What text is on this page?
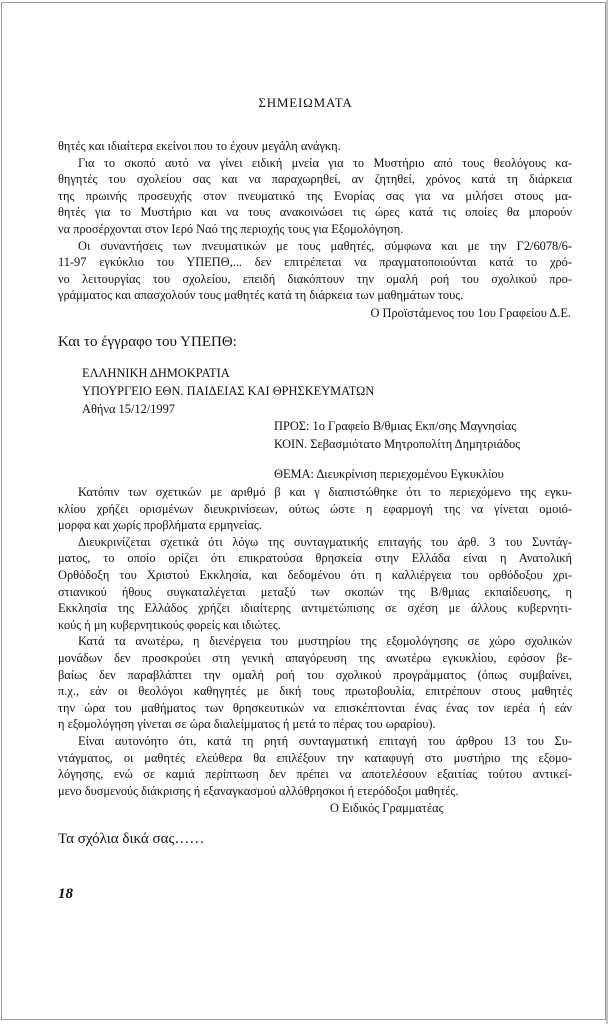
ΣΗΜΕΙΩΜΑΤΑ
θητές και ιδιαίτερα εκείνοι που το έχουν μεγάλη ανάγκη.
Για το σκοπό αυτό να γίνει ειδική μνεία για το Μυστήριο από τους θεολόγους κα-
θηγητές του σχολείου σας και να παραχωρηθεί, αν ζητηθεί, χρόνος κατά τη διάρκεια
της πρωινής προσευχής στον πνευματικό της Ενορίας σας για να μιλήσει στους μα-
θητές για το Μυστήριο και να τους ανακοινώσει τις ώρες κατά τις οποίες θα μπορούν
να προσέρχονται στον Ιερό Ναό της περιοχής τους για Εξομολόγηση.
Οι συναντήσεις των πνευματικών με τους μαθητές, σύμφωνα και με την Γ2/6078/6-
11-97 εγκύκλιο του ΥΠΕΠΘ,... δεν επιτρέπεται να πραγματοποιούνται κατά το χρό-
νο λειτουργίας του σχολείου, επειδή διακόπτουν την ομαλή ροή του σχολικού προ-
γράμματος και απασχολούν τους μαθητές κατά τη διάρκεια των μαθημάτων τους.
Ο Προϊστάμενος του 1ου Γραφείου Δ.Ε.
Και το έγγραφο του ΥΠΕΠΘ:
ΕΛΛΗΝΙΚΗ ΔΗΜΟΚΡΑΤΙΑ
ΥΠΟΥΡΓΕΙΟ ΕΘΝ. ΠΑΙΔΕΙΑΣ ΚΑΙ ΘΡΗΣΚΕΥΜΑΤΩΝ
Αθήνα 15/12/1997
ΠΡΟΣ: 1ο Γραφείο Β/θμιας Εκπ/σης Μαγνησίας
ΚΟΙΝ. Σεβασμιότατο Μητροπολίτη Δημητριάδος
ΘΕΜΑ: Διευκρίνιση περιεχομένου Εγκυκλίου
Κατόπιν των σχετικών με αριθμό β και γ διαπιστώθηκε ότι το περιεχόμενο της εγκυ-
κλίου χρήζει ορισμένων διευκρινίσεων, ούτως ώστε η εφαρμογή της να γίνεται ομοιό-
μορφα και χωρίς προβλήματα ερμηνείας.
Διευκρινίζεται σχετικά ότι λόγω της συνταγματικής επιταγής του άρθ. 3 του Συντάγ-
ματος, το οποίο ορίζει ότι επικρατούσα θρησκεία στην Ελλάδα είναι η Ανατολική
Ορθόδοξη του Χριστού Εκκλησία, και δεδομένου ότι η καλλιέργεια του ορθόδοξου χρι-
στιανικού ήθους συγκαταλέγεται μεταξύ των σκοπών της Β/θμιας εκπαίδευσης, η
Εκκλησία της Ελλάδος χρήζει ιδιαίτερης αντιμετώπισης σε σχέση με άλλους κυβερνητι-
κούς ή μη κυβερνητικούς φορείς και ιδιώτες.
Κατά τα ανωτέρω, η διενέργεια του μυστηρίου της εξομολόγησης σε χώρο σχολικών
μονάδων δεν προσκρούει στη γενική απαγόρευση της ανωτέρω εγκυκλίου, εφόσον βε-
βαίως δεν παραβλάπτει την ομαλή ροή του σχολικού προγράμματος (όπως συμβαίνει,
π.χ., εάν οι θεολόγοι καθηγητές με δική τους πρωτοβουλία, επιτρέπουν στους μαθητές
την ώρα του μαθήματος των θρησκευτικών να επισκέπτονται ένας ένας τον ιερέα ή εάν
η εξομολόγηση γίνεται σε ώρα διαλείμματος ή μετά το πέρας του ωραρίου).
Είναι αυτονόητο ότι, κατά τη ρητή συνταγματική επιταγή του άρθρου 13 του Συ-
ντάγματος, οι μαθητές ελεύθερα θα επιλέξουν την καταφυγή στο μυστήριο της εξομο-
λόγησης, ενώ σε καμιά περίπτωση δεν πρέπει να αποτελέσουν εξαιτίας τούτου αντικεί-
μενο δυσμενούς διάκρισης ή εξαναγκασμού αλλόθρησκοι ή ετερόδοξοι μαθητές.
Ο Ειδικός Γραμματέας
Τα σχόλια δικά σας……
18
